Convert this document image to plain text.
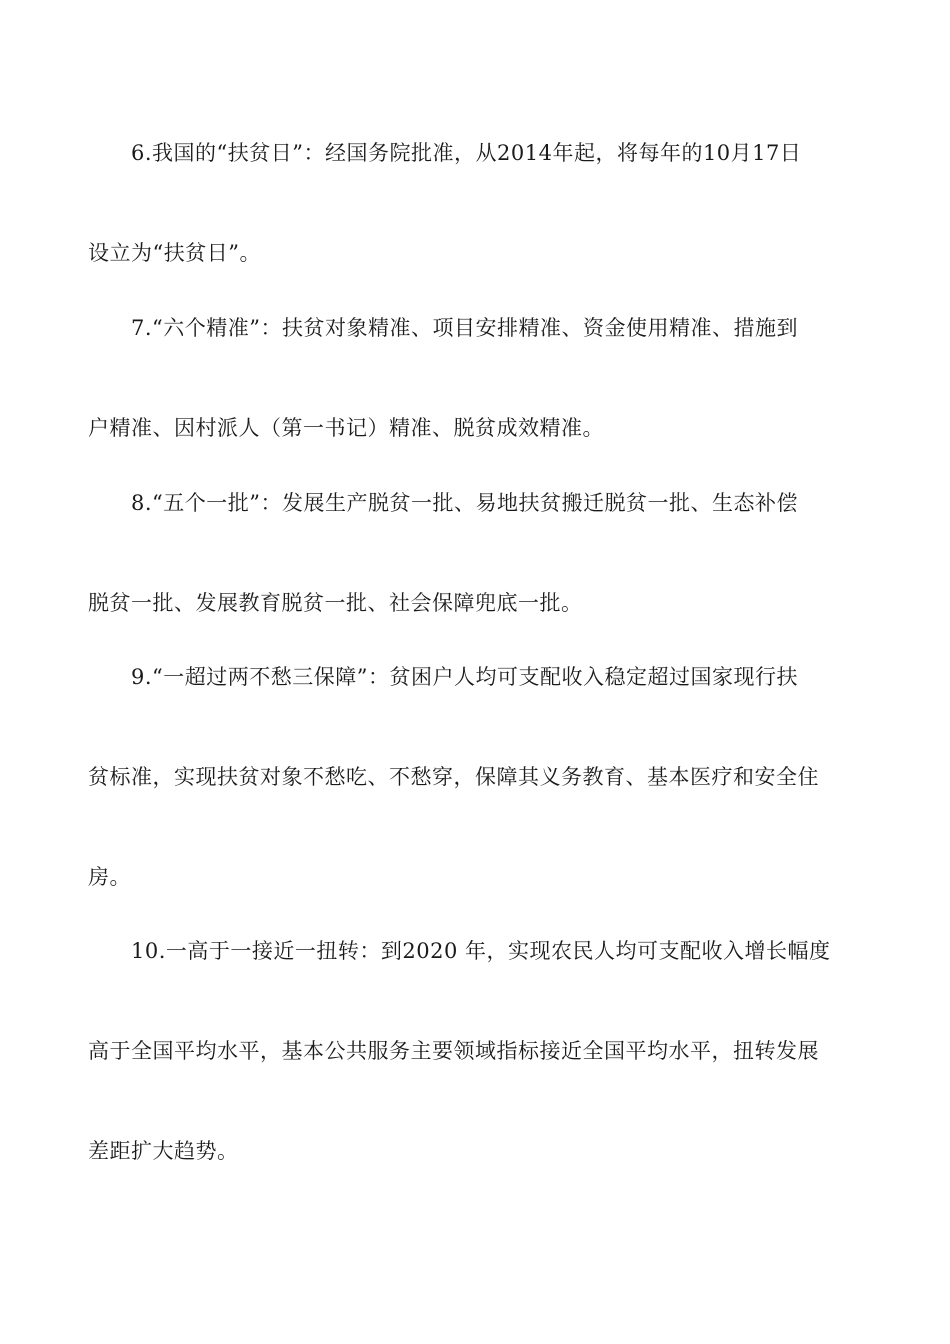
6.我国的“扶贫日”：经国务院批准，从2014年起，将每年的10月17日
设立为“扶贫日”。
7.“六个精准”：扶贫对象精准、项目安排精准、资金使用精准、措施到
户精准、因村派人（第一书记）精准、脱贫成效精准。
8.“五个一批”：发展生产脱贫一批、易地扶贫搬迁脱贫一批、生态补偿
脱贫一批、发展教育脱贫一批、社会保障兜底一批。
9.“一超过两不愁三保障”：贫困户人均可支配收入稳定超过国家现行扶
贫标准，实现扶贫对象不愁吃、不愁穿，保障其义务教育、基本医疗和安全住
房。
10.一高于一接近一扭转：到2020 年，实现农民人均可支配收入增长幅度
高于全国平均水平，基本公共服务主要领域指标接近全国平均水平，扭转发展
差距扩大趋势。
